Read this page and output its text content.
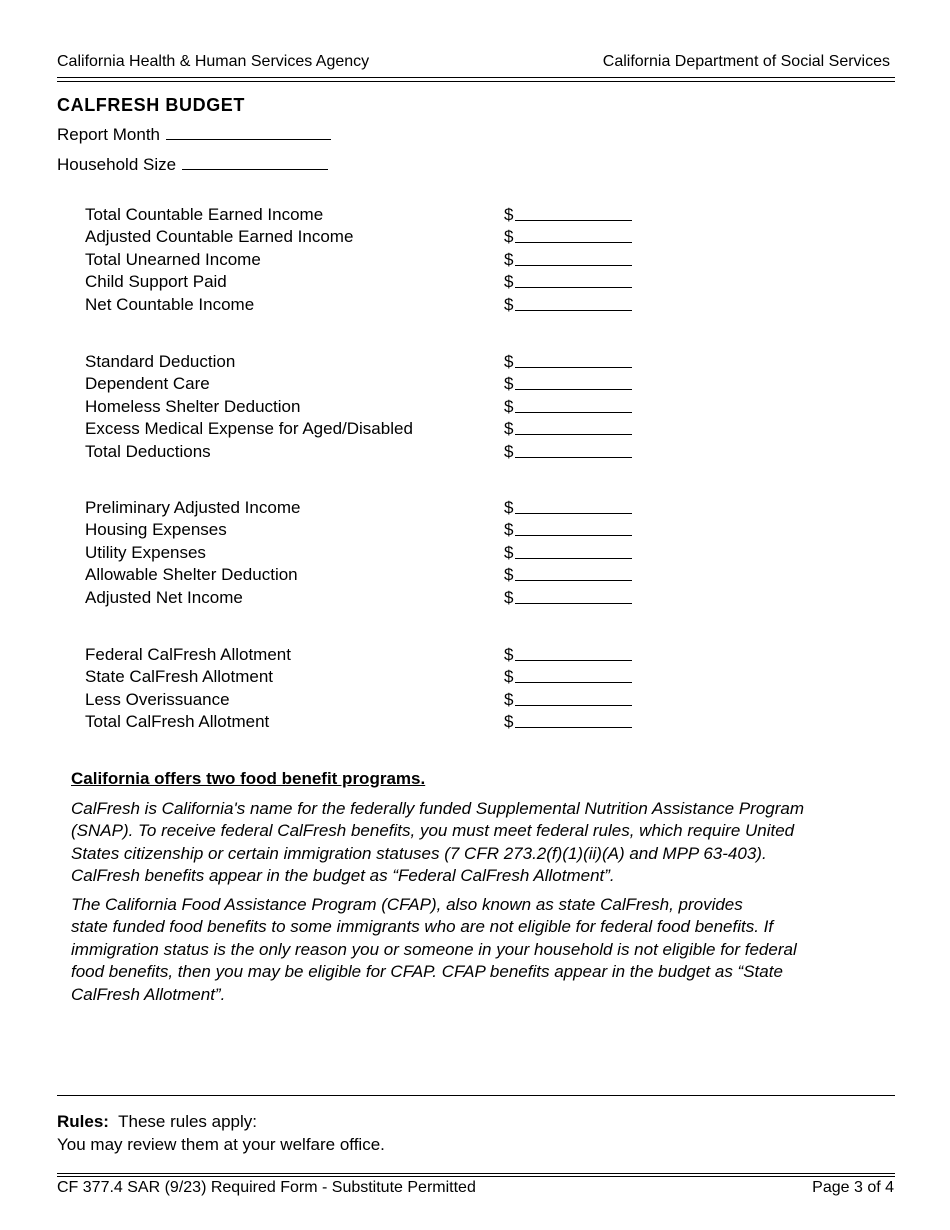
California Health & Human Services Agency	California Department of Social Services
CALFRESH BUDGET
Report Month
Household Size
Total Countable Earned Income	$
Adjusted Countable Earned Income	$
Total Unearned Income	$
Child Support Paid	$
Net Countable Income	$
Standard Deduction	$
Dependent Care	$
Homeless Shelter Deduction	$
Excess Medical Expense for Aged/Disabled	$
Total Deductions	$
Preliminary Adjusted Income	$
Housing Expenses	$
Utility Expenses	$
Allowable Shelter Deduction	$
Adjusted Net Income	$
Federal CalFresh Allotment	$
State CalFresh Allotment	$
Less Overissuance	$
Total CalFresh Allotment	$
California offers two food benefit programs.
CalFresh is California's name for the federally funded Supplemental Nutrition Assistance Program
(SNAP). To receive federal CalFresh benefits, you must meet federal rules, which require United
States citizenship or certain immigration statuses (7 CFR 273.2(f)(1)(ii)(A) and MPP 63-403).
CalFresh benefits appear in the budget as “Federal CalFresh Allotment”.
The California Food Assistance Program (CFAP), also known as state CalFresh, provides
state funded food benefits to some immigrants who are not eligible for federal food benefits. If
immigration status is the only reason you or someone in your household is not eligible for federal
food benefits, then you may be eligible for CFAP. CFAP benefits appear in the budget as “State
CalFresh Allotment”.
Rules: These rules apply:
You may review them at your welfare office.
CF 377.4 SAR (9/23) Required Form - Substitute Permitted	Page 3 of 4
